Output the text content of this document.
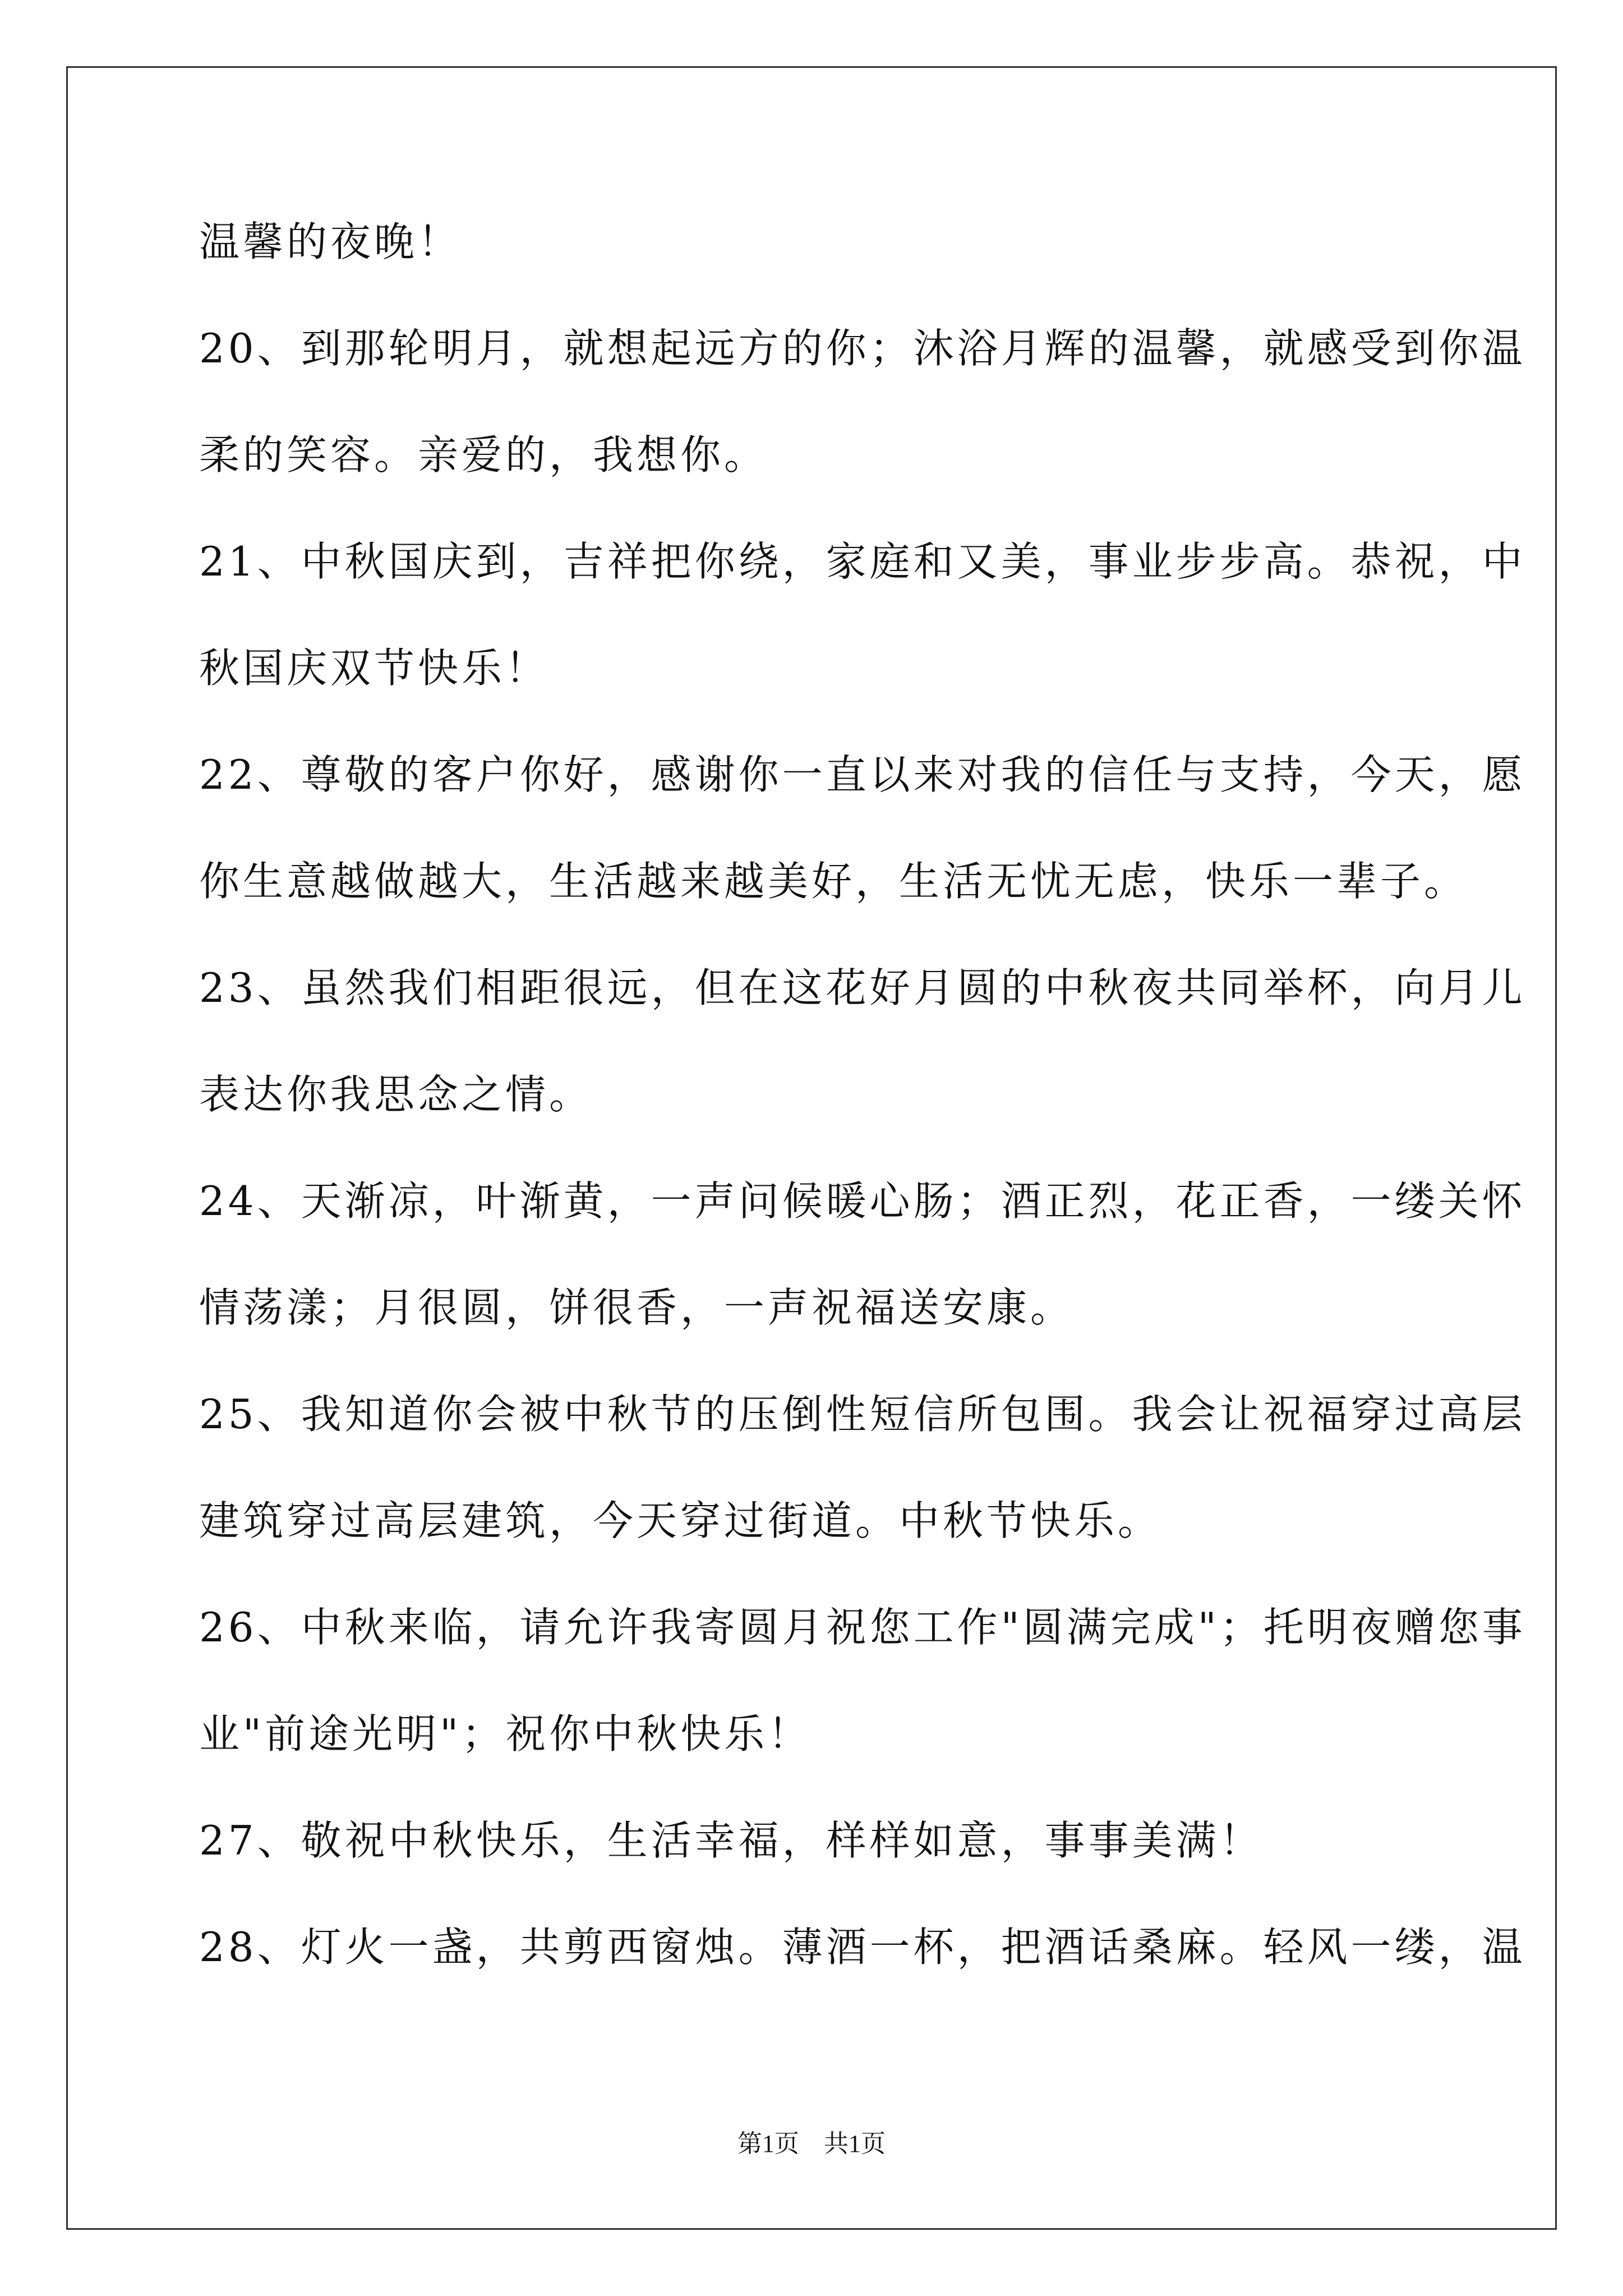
温馨的夜晚！
20、到那轮明月，就想起远方的你；沐浴月辉的温馨，就感受到你温
柔的笑容。亲爱的，我想你。
21、中秋国庆到，吉祥把你绕，家庭和又美，事业步步高。恭祝，中
秋国庆双节快乐！
22、尊敬的客户你好，感谢你一直以来对我的信任与支持，今天，愿
你生意越做越大，生活越来越美好，生活无忧无虑，快乐一辈子。
23、虽然我们相距很远，但在这花好月圆的中秋夜共同举杯，向月儿
表达你我思念之情。
24、天渐凉，叶渐黄，一声问候暖心肠；酒正烈，花正香，一缕关怀
情荡漾；月很圆，饼很香，一声祝福送安康。
25、我知道你会被中秋节的压倒性短信所包围。我会让祝福穿过高层
建筑穿过高层建筑，今天穿过街道。中秋节快乐。
26、中秋来临，请允许我寄圆月祝您工作"圆满完成"；托明夜赠您事
业"前途光明"；祝你中秋快乐！
27、敬祝中秋快乐，生活幸福，样样如意，事事美满！
28、灯火一盏，共剪西窗烛。薄酒一杯，把酒话桑麻。轻风一缕，温
第1页　共1页
